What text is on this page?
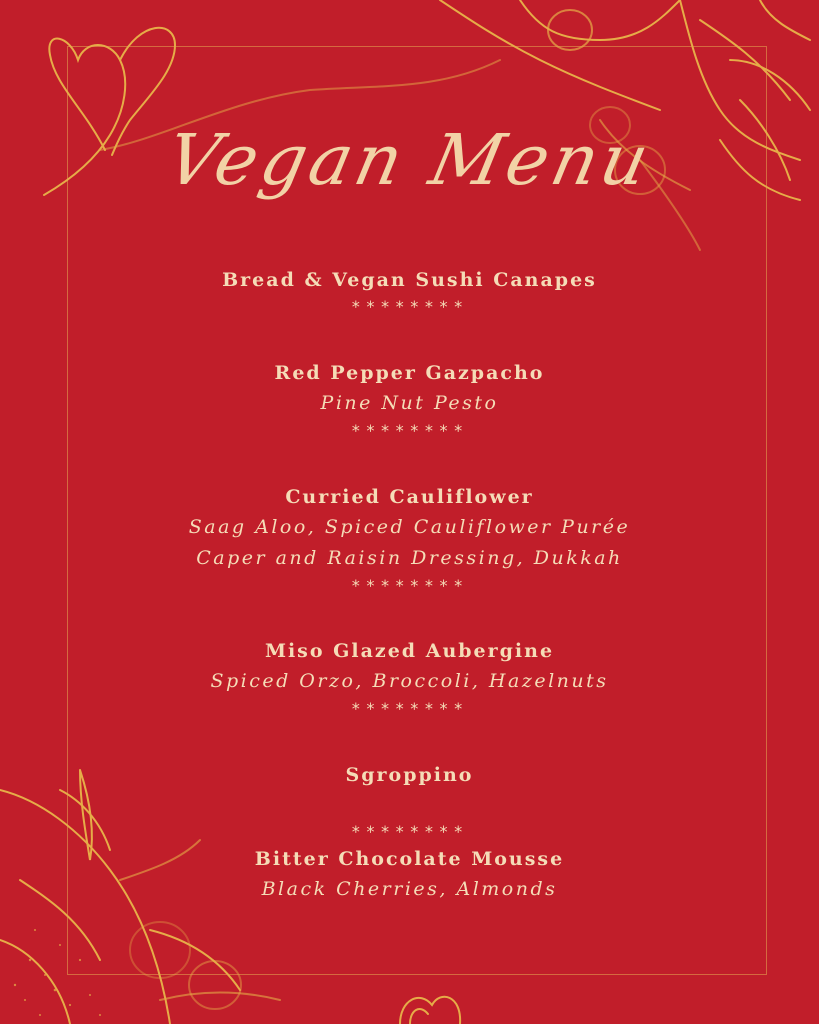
Vegan Menu
Bread & Vegan Sushi Canapes
********
Red Pepper Gazpacho
Pine Nut Pesto
********
Curried Cauliflower
Saag Aloo, Spiced Cauliflower Purée
Caper and Raisin Dressing, Dukkah
********
Miso Glazed Aubergine
Spiced Orzo, Broccoli, Hazelnuts
********
Sgroppino
********
Bitter Chocolate Mousse
Black Cherries, Almonds
